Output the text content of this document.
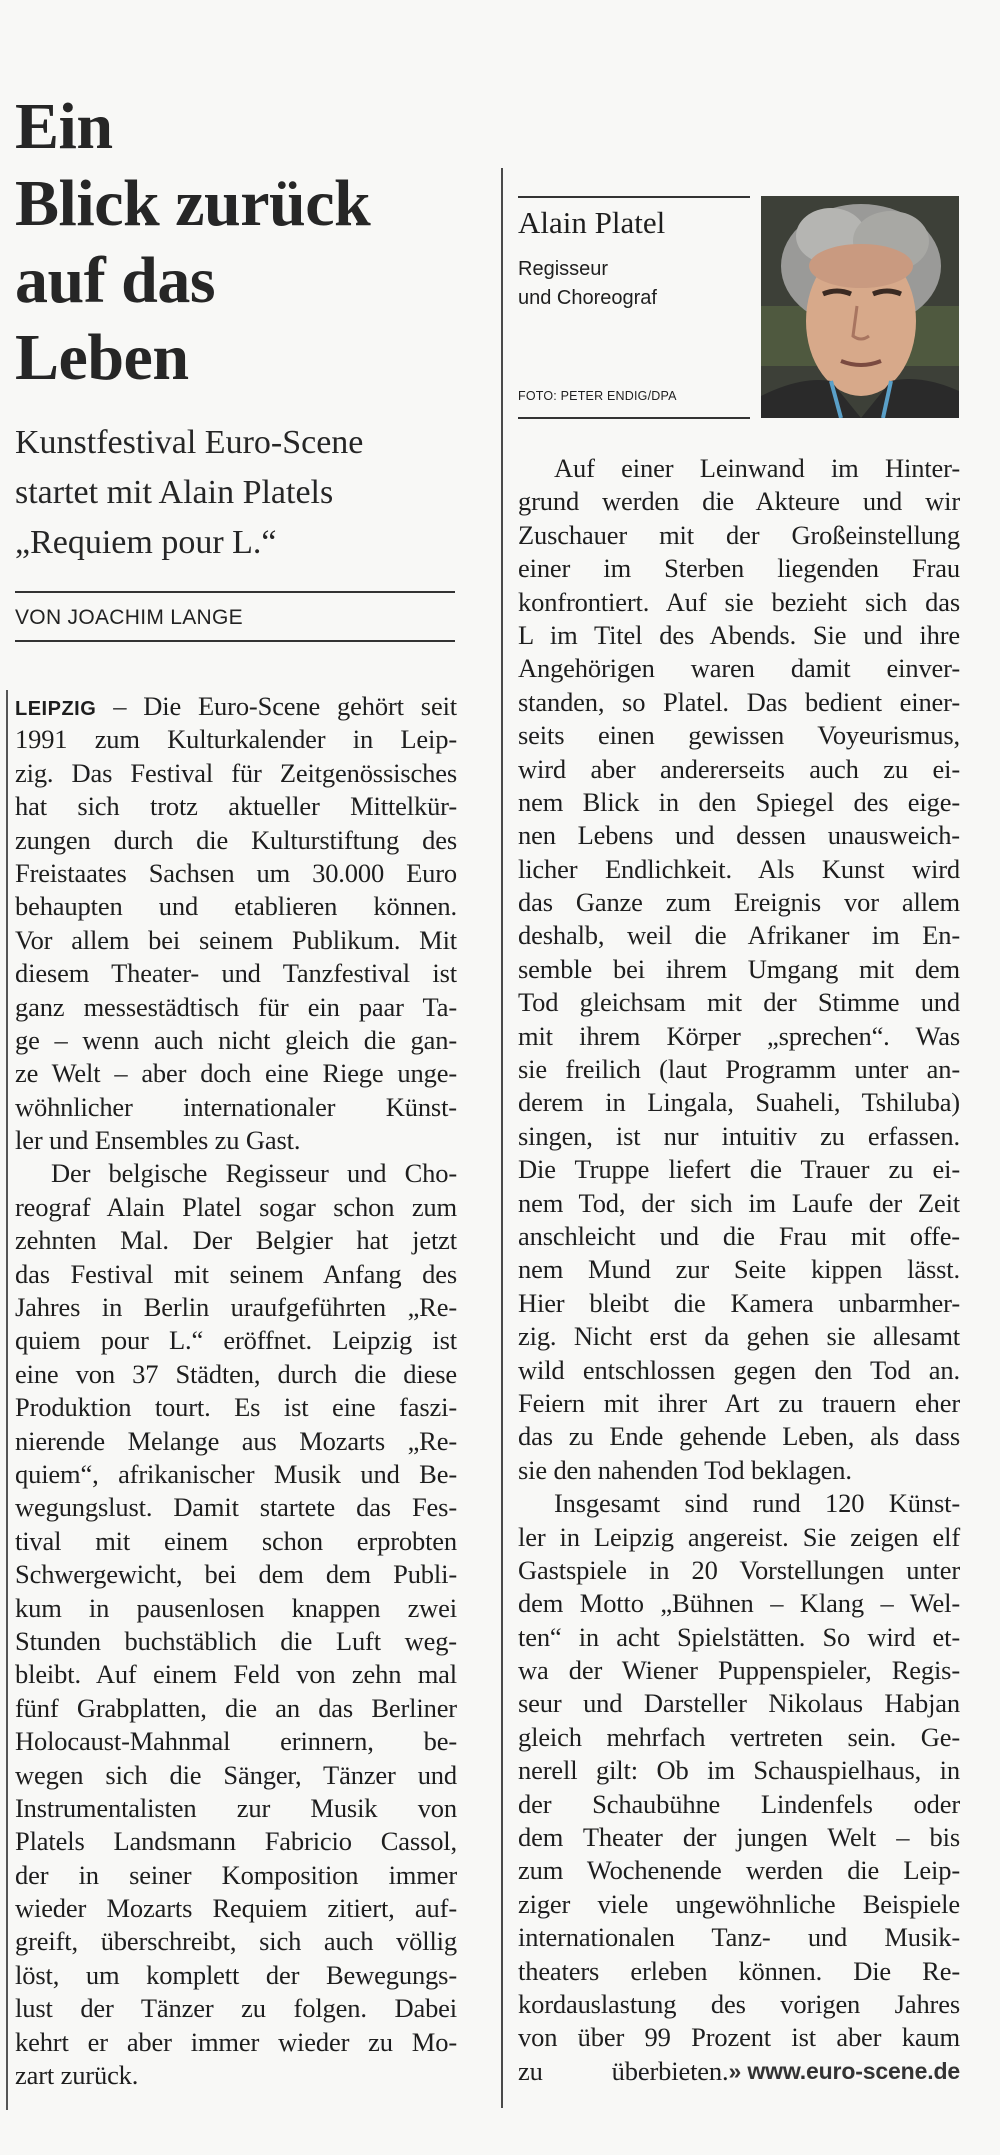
Ein
Blick zurück
auf das
Leben
Kunstfestival Euro-Scene
startet mit Alain Platels
„Requiem pour L.“
VON JOACHIM LANGE
Alain Platel
Regisseur
und Choreograf
FOTO: PETER ENDIG/DPA
LEIPZIG – Die Euro-Scene gehört seit
1991 zum Kulturkalender in Leip-
zig. Das Festival für Zeitgenössisches
hat sich trotz aktueller Mittelkür-
zungen durch die Kulturstiftung des
Freistaates Sachsen um 30.000 Euro
behaupten und etablieren können.
Vor allem bei seinem Publikum. Mit
diesem Theater- und Tanzfestival ist
ganz messestädtisch für ein paar Ta-
ge – wenn auch nicht gleich die gan-
ze Welt – aber doch eine Riege unge-
wöhnlicher internationaler Künst-
ler und Ensembles zu Gast.
Der belgische Regisseur und Cho-
reograf Alain Platel sogar schon zum
zehnten Mal. Der Belgier hat jetzt
das Festival mit seinem Anfang des
Jahres in Berlin uraufgeführten „Re-
quiem pour L.“ eröffnet. Leipzig ist
eine von 37 Städten, durch die diese
Produktion tourt. Es ist eine faszi-
nierende Melange aus Mozarts „Re-
quiem“, afrikanischer Musik und Be-
wegungslust. Damit startete das Fes-
tival mit einem schon erprobten
Schwergewicht, bei dem dem Publi-
kum in pausenlosen knappen zwei
Stunden buchstäblich die Luft weg-
bleibt. Auf einem Feld von zehn mal
fünf Grabplatten, die an das Berliner
Holocaust-Mahnmal erinnern, be-
wegen sich die Sänger, Tänzer und
Instrumentalisten zur Musik von
Platels Landsmann Fabricio Cassol,
der in seiner Komposition immer
wieder Mozarts Requiem zitiert, auf-
greift, überschreibt, sich auch völlig
löst, um komplett der Bewegungs-
lust der Tänzer zu folgen. Dabei
kehrt er aber immer wieder zu Mo-
zart zurück.
Auf einer Leinwand im Hinter-
grund werden die Akteure und wir
Zuschauer mit der Großeinstellung
einer im Sterben liegenden Frau
konfrontiert. Auf sie bezieht sich das
L im Titel des Abends. Sie und ihre
Angehörigen waren damit einver-
standen, so Platel. Das bedient einer-
seits einen gewissen Voyeurismus,
wird aber andererseits auch zu ei-
nem Blick in den Spiegel des eige-
nen Lebens und dessen unausweich-
licher Endlichkeit. Als Kunst wird
das Ganze zum Ereignis vor allem
deshalb, weil die Afrikaner im En-
semble bei ihrem Umgang mit dem
Tod gleichsam mit der Stimme und
mit ihrem Körper „sprechen“. Was
sie freilich (laut Programm unter an-
derem in Lingala, Suaheli, Tshiluba)
singen, ist nur intuitiv zu erfassen.
Die Truppe liefert die Trauer zu ei-
nem Tod, der sich im Laufe der Zeit
anschleicht und die Frau mit offe-
nem Mund zur Seite kippen lässt.
Hier bleibt die Kamera unbarmher-
zig. Nicht erst da gehen sie allesamt
wild entschlossen gegen den Tod an.
Feiern mit ihrer Art zu trauern eher
das zu Ende gehende Leben, als dass
sie den nahenden Tod beklagen.
Insgesamt sind rund 120 Künst-
ler in Leipzig angereist. Sie zeigen elf
Gastspiele in 20 Vorstellungen unter
dem Motto „Bühnen – Klang – Wel-
ten“ in acht Spielstätten. So wird et-
wa der Wiener Puppenspieler, Regis-
seur und Darsteller Nikolaus Habjan
gleich mehrfach vertreten sein. Ge-
nerell gilt: Ob im Schauspielhaus, in
der Schaubühne Lindenfels oder
dem Theater der jungen Welt – bis
zum Wochenende werden die Leip-
ziger viele ungewöhnliche Beispiele
internationalen Tanz- und Musik-
theaters erleben können. Die Re-
kordauslastung des vorigen Jahres
von über 99 Prozent ist aber kaum
zu überbieten. » www.euro-scene.de
